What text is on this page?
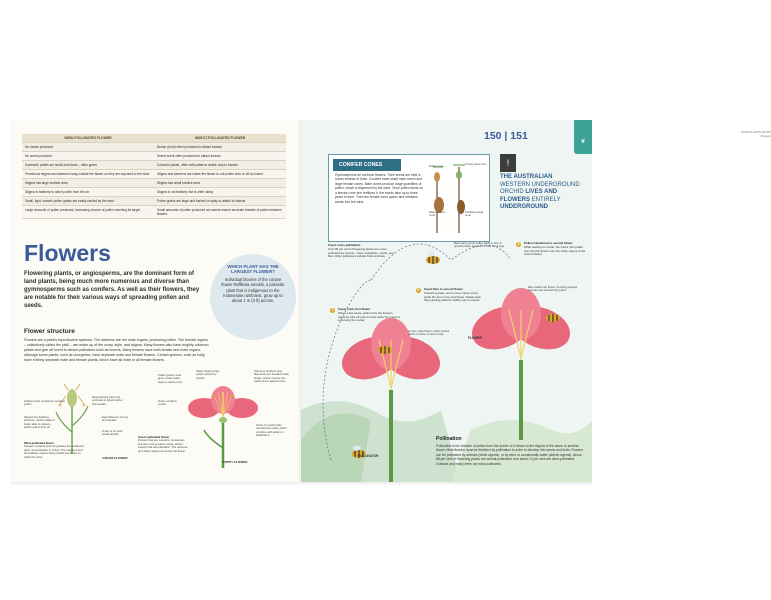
WIND-POLLINATED FLOWER	INSECT-POLLINATED FLOWER
No nectar produced	Nectar (food) often produced to attract insects
No scent produced	Sweet scent often produced to attract insects
If present, petals are small and bland – often green	Colourful petals, often with patterns visible only to insects
Pendulous stigma and stamens hang outside the flower so they are exposed to the wind	Stigma and stamens are inside the flower to rub pollen onto or off an insect
Stigma has large surface area	Stigma has small surface area
Stigma is feathery to catch pollen from the air	Stigma is not feathery but is often sticky
Small, light, smooth pollen grains are easily carried by the wind	Pollen grains are large and barbed or spiky to attach to insects
Large amounts of pollen produced, increasing chance of pollen reaching its target	Small amounts of pollen produced as insects ensure accurate transfer of pollen between flowers
Flowers
Flowering plants, or angiosperms, are the dominant form of land plants, being much more numerous and diverse than gymnosperms such as conifers. As well as their flowers, they are notable for their various ways of spreading pollen and seeds.
WHICH PLANT HAS THE LARGEST FLOWER?
Individual blooms of the corpse flower Rafflesia arnoldii, a parasitic plant that is indigenous to the Indonesian rainforest, grow up to about 1 m (3 ft) across.
Flower structure
Flowers are a plant's reproductive systems. The stamens are the male organs, producing pollen. The female organs – collectively called the pistil – are made up of the ovary, style, and stigma. Many flowers also have brightly coloured petals and give off scent to attract pollinators such as insects. Many flowers have both female and male organs, although some plants, such as courgettes, have separate male and female flowers. Certain species, such as holly, have entirely separate male and female plants, which have all male or all female flowers.
Anthers (part of stamen) produce pollen
Stigma has feathery structure, which makes it better able to capture pollen grains from air
Reproductive parts are enclosed in bracts rather than petals
Each filament is long and slender
Ovary is on stem inside sheath
Wind-pollinated flower
Flowers of plants such as grasses are small and often unremarkable in colour. The stamens and the feathery stigma hang outside the flower to catch the wind.	GRASS FLOWER
Sticky stigma traps pollen carried by insects
Pollen grains must grow a tube down style to reach ovary
Ovary contains ovules
Stamens (anthers plus filaments) are located inside flower, where insects can easily brush against them
Insect-pollinated flower
Flowers that are colourful, sometimes scented, and produce nectar, attract insects that aid pollination. The stamens and sticky stigma are inside the flower.
Ovule (or bud) holds reproductive cells, which combine with pollen in fertilization
POPPY FLOWER
HOW PLANTS WORK
Flowers
150 | 151	❦
CONIFER CONES
Gymnosperms do not bear flowers. Their seeds are held in cones instead of fruits. Conifers have small male cones and large female cones. Male cones produce large quantities of pollen, which is dispersed by the wind. Once pollen lands on a female cone and fertilizes it, the seeds take up to three years to form. Then the female cone opens and releases seeds into the wind.
Pollen cone	Young seed cone
Mature seed cone
Fertilized seed cone
!
THE AUSTRALIAN
WESTERN UNDERGROUND
ORCHID LIVES AND
FLOWERS ENTIRELY
UNDERGROUND
Insect cross-pollination
Over 80 per cent of flowering plants are cross-pollinated by insects – bees, butterflies, moths, and flies. Other pollinators include birds and bats.
1	Insect visits first flower
When a bee lands, pollen from the flower's stamens rubs off onto its body while the insect is accessing the nectar.
2	Insect flies to second flower
Colourful petals, and in some cases scent, guide the bee to the next flower. Petals often have guiding patterns visible only to insects.
3	Pollen transferred to second flower
While feeding on nectar, the insect rubs pollen from the first flower onto the sticky stigma of the second flower.
Bees carry some pollen back to hive in special pollen baskets on their back legs
As bee visits flower, pollen grains catch on hairs on bee's body
Bee crawls into flower, brushing against stigmas and transferring pollen
POLLINATOR
FLOWER
Pollination
Pollination is the transfer of pollen from the anther of a flower to the stigma of the same or another flower. Most flowers must be fertilized by pollination in order to develop into seeds and fruits. Flowers can be pollinated by animals (biotic agents), or by wind or occasionally water (abiotic agents). About 88 per cent of flowering plants are animal-pollinated, and about 10 per cent are wind-pollinated. Grasses and many trees are wind-pollinated.
